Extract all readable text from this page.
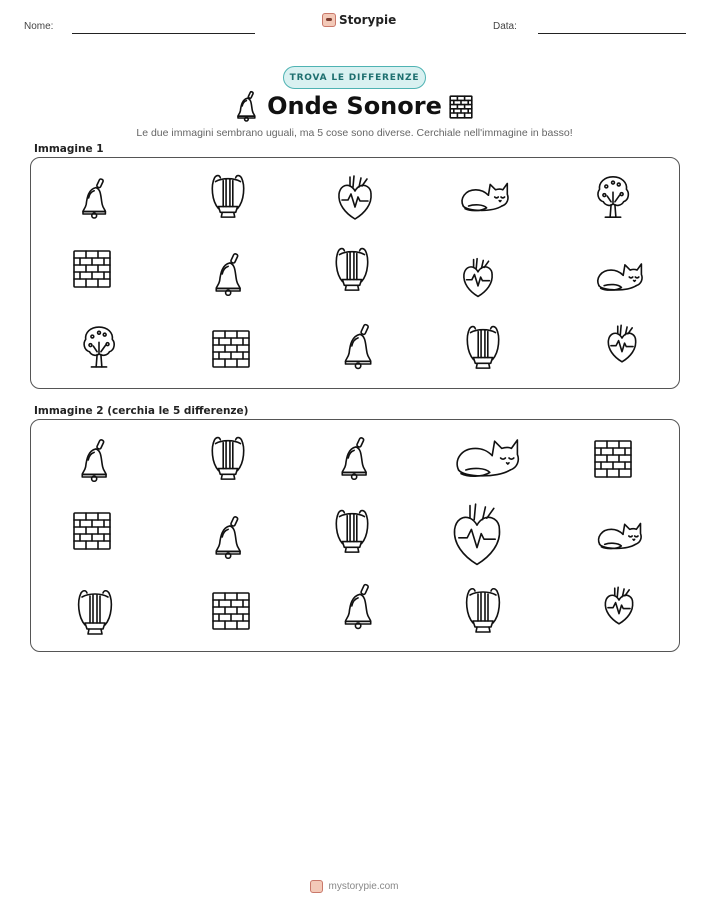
Nome:	Storypie	Data:
TROVA LE DIFFERENZE
Onde Sonore
Le due immagini sembrano uguali, ma 5 cose sono diverse. Cerchiale nell'immagine in basso!
Immagine 1
Immagine 2 (cerchia le 5 differenze)
mystorypie.com
